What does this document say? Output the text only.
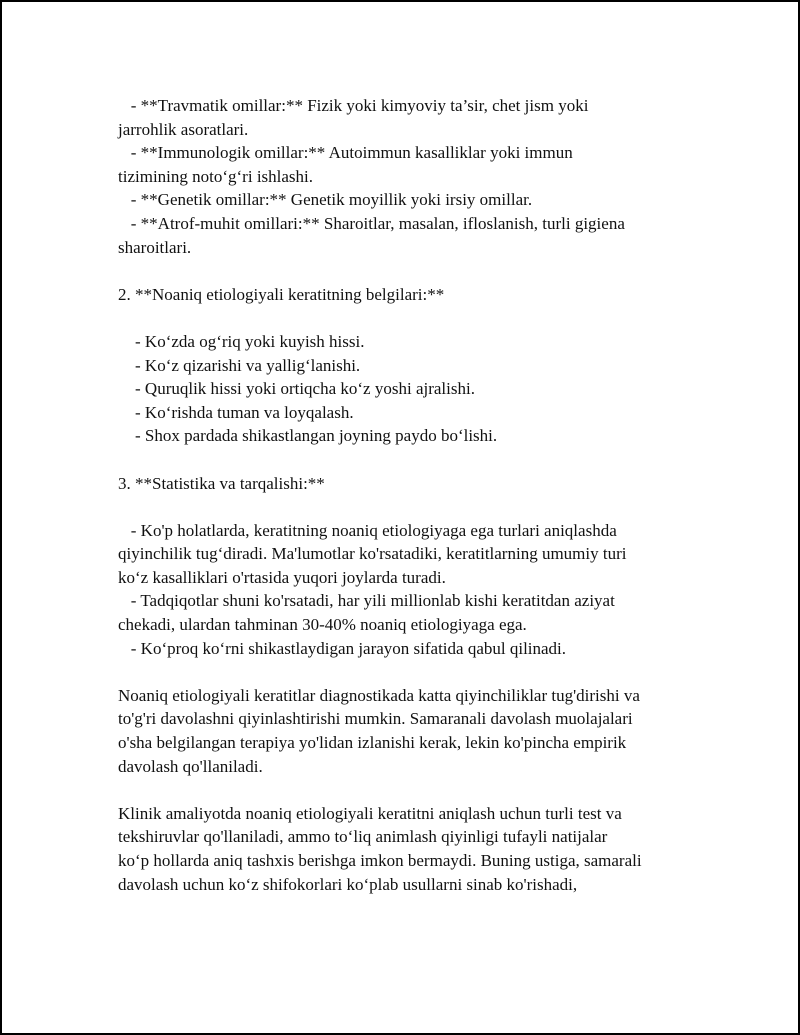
- **Travmatik omillar:** Fizik yoki kimyoviy ta’sir, chet jism yoki
jarrohlik asoratlari.
- **Immunologik omillar:** Autoimmun kasalliklar yoki immun
tizimining noto‘g‘ri ishlashi.
- **Genetik omillar:** Genetik moyillik yoki irsiy omillar.
- **Atrof-muhit omillari:** Sharoitlar, masalan, ifloslanish, turli gigiena
sharoitlari.
2. **Noaniq etiologiyali keratitning belgilari:**
- Ko‘zda og‘riq yoki kuyish hissi.
- Ko‘z qizarishi va yallig‘lanishi.
- Quruqlik hissi yoki ortiqcha ko‘z yoshi ajralishi.
- Ko‘rishda tuman va loyqalash.
- Shox pardada shikastlangan joyning paydo bo‘lishi.
3. **Statistika va tarqalishi:**
- Ko'p holatlarda, keratitning noaniq etiologiyaga ega turlari aniqlashda
qiyinchilik tug‘diradi. Ma'lumotlar ko'rsatadiki, keratitlarning umumiy turi
ko‘z kasalliklari o'rtasida yuqori joylarda turadi.
- Tadqiqotlar shuni ko'rsatadi, har yili millionlab kishi keratitdan aziyat
chekadi, ulardan tahminan 30-40% noaniq etiologiyaga ega.
- Ko‘proq ko‘rni shikastlaydigan jarayon sifatida qabul qilinadi.
Noaniq etiologiyali keratitlar diagnostikada katta qiyinchiliklar tug'dirishi va
to'g'ri davolashni qiyinlashtirishi mumkin. Samaranali davolash muolajalari
o'sha belgilangan terapiya yo'lidan izlanishi kerak, lekin ko'pincha empirik
davolash qo'llaniladi.
Klinik amaliyotda noaniq etiologiyali keratitni aniqlash uchun turli test va
tekshiruvlar qo'llaniladi, ammo to‘liq animlash qiyinligi tufayli natijalar
ko‘p hollarda aniq tashxis berishga imkon bermaydi. Buning ustiga, samarali
davolash uchun ko‘z shifokorlari ko‘plab usullarni sinab ko'rishadi,
